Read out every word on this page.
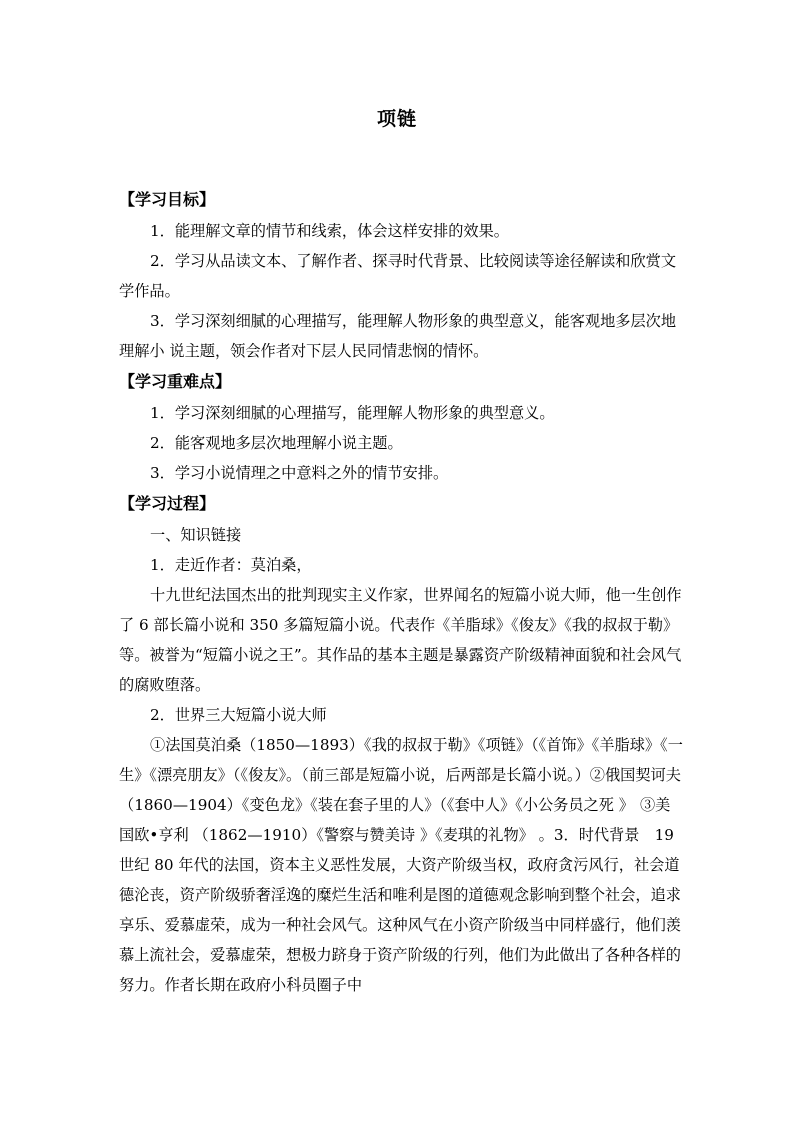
项链

【学习目标】

1．能理解文章的情节和线索，体会这样安排的效果。

2．学习从品读文本、了解作者、探寻时代背景、比较阅读等途径解读和欣赏文学作品。

3．学习深刻细腻的心理描写，能理解人物形象的典型意义，能客观地多层次地理解小 说主题，领会作者对下层人民同情悲悯的情怀。

【学习重难点】

1．学习深刻细腻的心理描写，能理解人物形象的典型意义。

2．能客观地多层次地理解小说主题。

3．学习小说情理之中意料之外的情节安排。

【学习过程】

一、知识链接

1．走近作者：莫泊桑，

十九世纪法国杰出的批判现实主义作家，世界闻名的短篇小说大师，他一生创作了 6 部长篇小说和 350 多篇短篇小说。代表作《羊脂球》《俊友》《我的叔叔于勒》等。被誉为“短篇小说之王”。其作品的基本主题是暴露资产阶级精神面貌和社会风气的腐败堕落。

2．世界三大短篇小说大师

①法国莫泊桑（1850—1893）《我的叔叔于勒》《项链》（《首饰》《羊脂球》《一生》《漂亮朋友》（《俊友》。（前三部是短篇小说，后两部是长篇小说。）②俄国契诃夫（1860—1904）《变色龙》《装在套子里的人》（《套中人》《小公务员之死 》 ③美国欧•亨利 （1862—1910）《警察与赞美诗 》《麦琪的礼物》 。3．时代背景　19 世纪 80 年代的法国，资本主义恶性发展，大资产阶级当权，政府贪污风行，社会道德沦丧，资产阶级骄奢淫逸的糜烂生活和唯利是图的道德观念影响到整个社会，追求享乐、爱慕虚荣，成为一种社会风气。这种风气在小资产阶级当中同样盛行，他们羡慕上流社会，爱慕虚荣，想极力跻身于资产阶级的行列，他们为此做出了各种各样的努力。作者长期在政府小科员圈子中
